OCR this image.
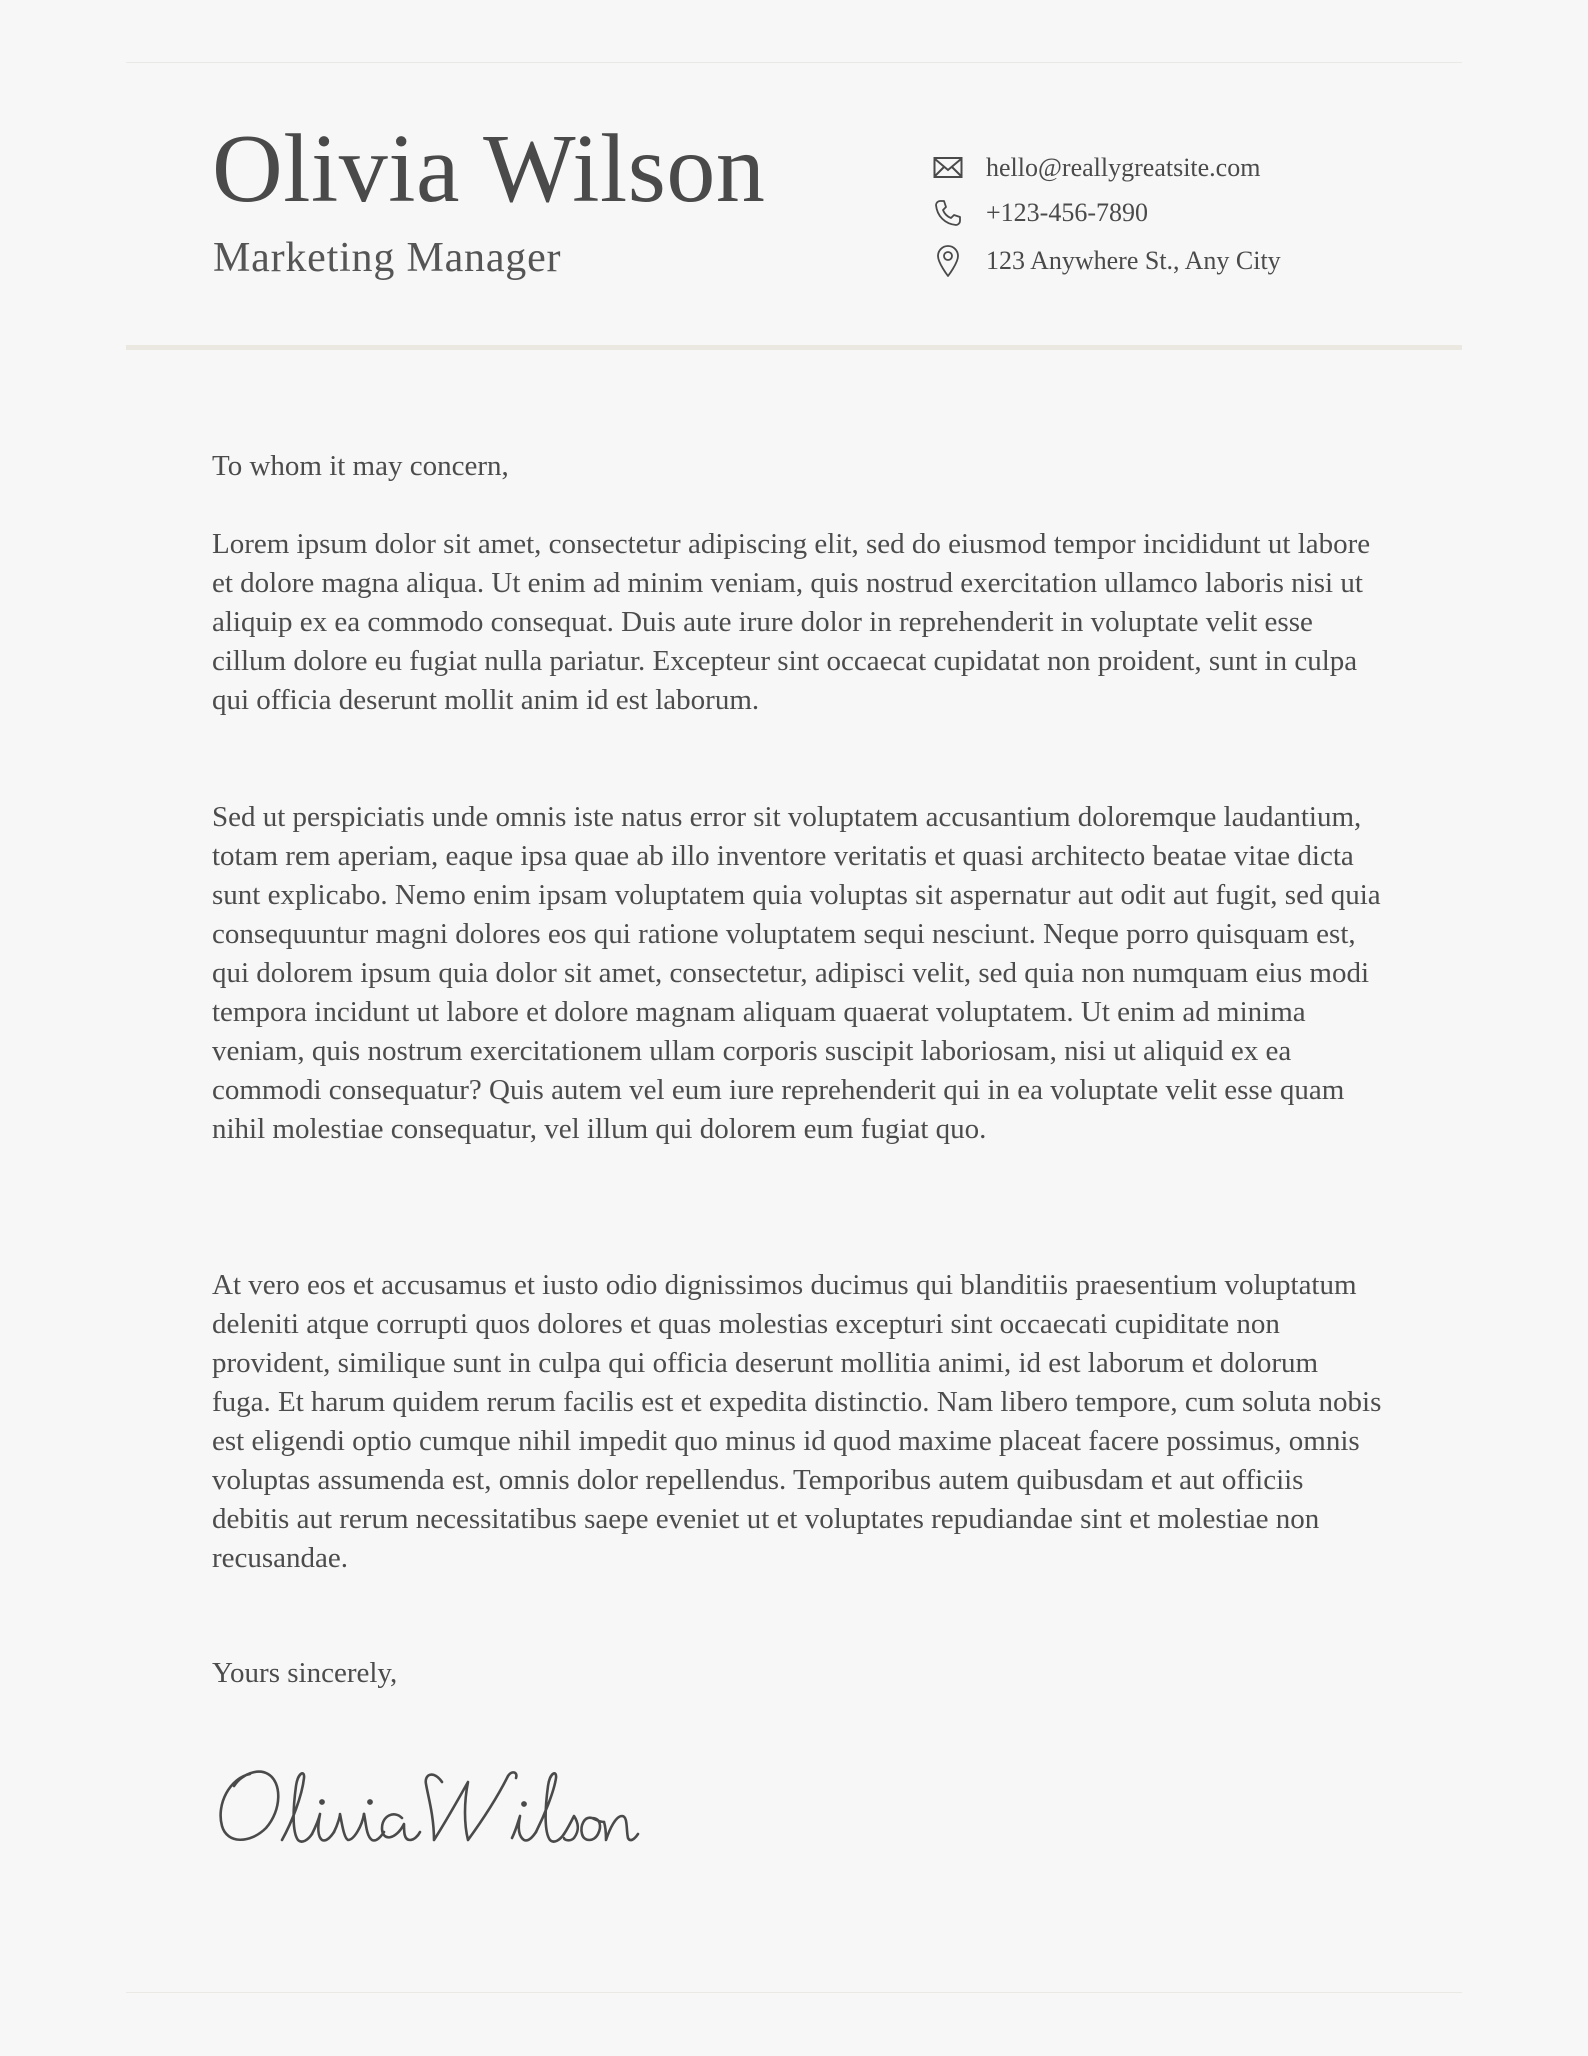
Olivia Wilson
Marketing Manager
hello@reallygreatsite.com
+123-456-7890
123 Anywhere St., Any City

To whom it may concern,

Lorem ipsum dolor sit amet, consectetur adipiscing elit, sed do eiusmod tempor incididunt ut labore et dolore magna aliqua. Ut enim ad minim veniam, quis nostrud exercitation ullamco laboris nisi ut aliquip ex ea commodo consequat. Duis aute irure dolor in reprehenderit in voluptate velit esse cillum dolore eu fugiat nulla pariatur. Excepteur sint occaecat cupidatat non proident, sunt in culpa qui officia deserunt mollit anim id est laborum.

Sed ut perspiciatis unde omnis iste natus error sit voluptatem accusantium doloremque laudantium, totam rem aperiam, eaque ipsa quae ab illo inventore veritatis et quasi architecto beatae vitae dicta sunt explicabo. Nemo enim ipsam voluptatem quia voluptas sit aspernatur aut odit aut fugit, sed quia consequuntur magni dolores eos qui ratione voluptatem sequi nesciunt. Neque porro quisquam est, qui dolorem ipsum quia dolor sit amet, consectetur, adipisci velit, sed quia non numquam eius modi tempora incidunt ut labore et dolore magnam aliquam quaerat voluptatem. Ut enim ad minima veniam, quis nostrum exercitationem ullam corporis suscipit laboriosam, nisi ut aliquid ex ea commodi consequatur? Quis autem vel eum iure reprehenderit qui in ea voluptate velit esse quam nihil molestiae consequatur, vel illum qui dolorem eum fugiat quo.

At vero eos et accusamus et iusto odio dignissimos ducimus qui blanditiis praesentium voluptatum deleniti atque corrupti quos dolores et quas molestias excepturi sint occaecati cupiditate non provident, similique sunt in culpa qui officia deserunt mollitia animi, id est laborum et dolorum fuga. Et harum quidem rerum facilis est et expedita distinctio. Nam libero tempore, cum soluta nobis est eligendi optio cumque nihil impedit quo minus id quod maxime placeat facere possimus, omnis voluptas assumenda est, omnis dolor repellendus. Temporibus autem quibusdam et aut officiis debitis aut rerum necessitatibus saepe eveniet ut et voluptates repudiandae sint et molestiae non recusandae.

Yours sincerely,
